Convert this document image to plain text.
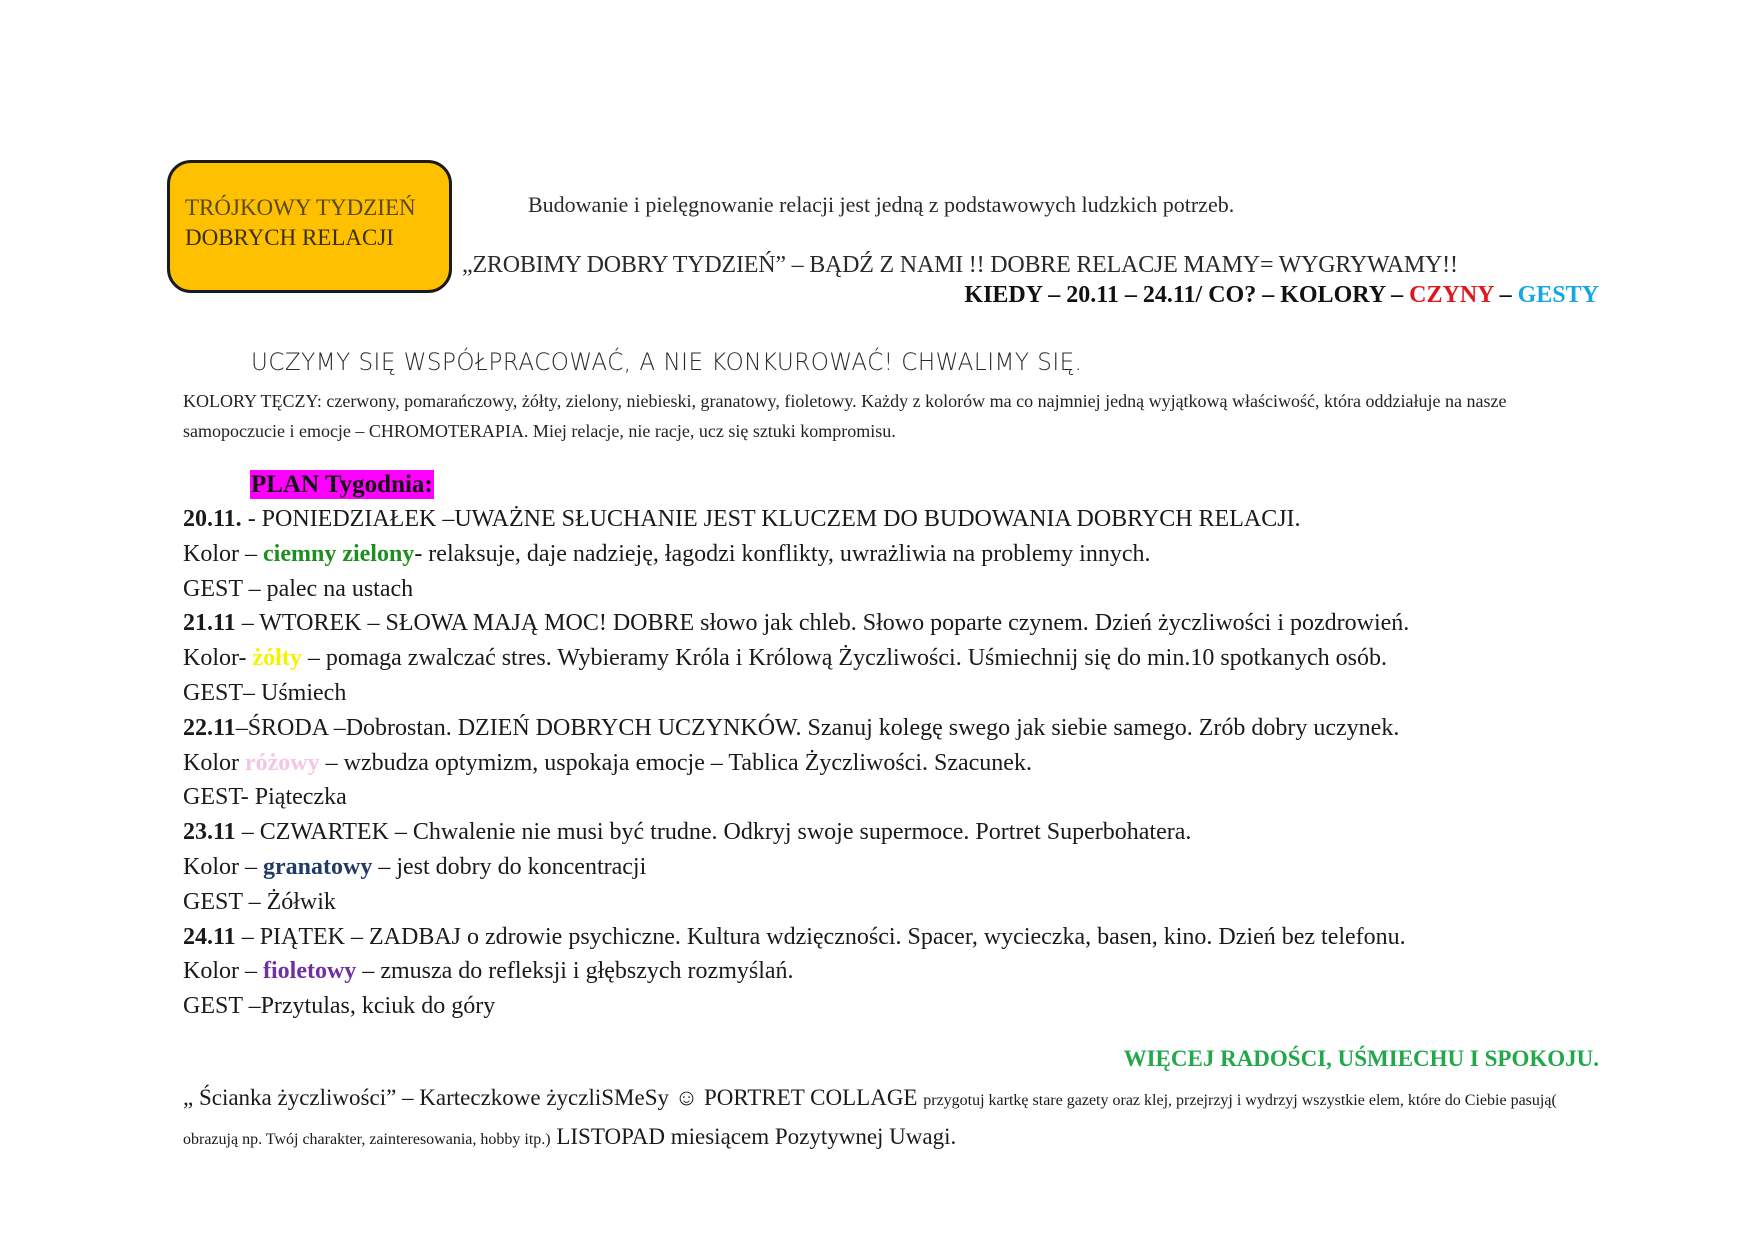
TRÓJKOWY TYDZIEŃ
DOBRYCH RELACJI
Budowanie i pielęgnowanie relacji jest jedną z podstawowych ludzkich potrzeb.
„ZROBIMY DOBRY TYDZIEŃ” – BĄDŹ Z NAMI !! DOBRE RELACJE MAMY= WYGRYWAMY!!
KIEDY – 20.11 – 24.11/ CO? – KOLORY – CZYNY – GESTY
UCZYMY SIĘ WSPÓŁPRACOWAĆ, A NIE KONKUROWAĆ! CHWALIMY SIĘ.
KOLORY TĘCZY: czerwony, pomarańczowy, żółty, zielony, niebieski, granatowy, fioletowy. Każdy z kolorów ma co najmniej jedną wyjątkową właściwość, która oddziałuje na nasze samopoczucie i emocje – CHROMOTERAPIA. Miej relacje, nie racje, ucz się sztuki kompromisu.
PLAN Tygodnia:
20.11. - PONIEDZIAŁEK –UWAŻNE SŁUCHANIE JEST KLUCZEM DO BUDOWANIA DOBRYCH RELACJI.
Kolor – ciemny zielony- relaksuje, daje nadzieję, łagodzi konflikty, uwrażliwia na problemy innych.
GEST – palec na ustach
21.11 – WTOREK – SŁOWA MAJĄ MOC! DOBRE słowo jak chleb. Słowo poparte czynem. Dzień życzliwości i pozdrowień.
Kolor- żółty – pomaga zwalczać stres. Wybieramy Króla i Królową Życzliwości. Uśmiechnij się do min.10 spotkanych osób.
GEST– Uśmiech
22.11–ŚRODA –Dobrostan. DZIEŃ DOBRYCH UCZYNKÓW. Szanuj kolegę swego jak siebie samego. Zrób dobry uczynek.
Kolor różowy – wzbudza optymizm, uspokaja emocje – Tablica Życzliwości. Szacunek.
GEST- Piąteczka
23.11 – CZWARTEK – Chwalenie nie musi być trudne. Odkryj swoje supermoce. Portret Superbohatera.
Kolor – granatowy – jest dobry do koncentracji
GEST – Żółwik
24.11 – PIĄTEK – ZADBAJ o zdrowie psychiczne. Kultura wdzięczności. Spacer, wycieczka, basen, kino. Dzień bez telefonu.
Kolor – fioletowy – zmusza do refleksji i głębszych rozmyślań.
GEST –Przytulas, kciuk do góry
WIĘCEJ RADOŚCI, UŚMIECHU I SPOKOJU.
„ Ścianka życzliwości” – Karteczkowe życzliSMeSy ☺ PORTRET COLLAGE przygotuj kartkę stare gazety oraz klej, przejrzyj i wydrzyj wszystkie elem, które do Ciebie pasują( obrazują np. Twój charakter, zainteresowania, hobby itp.) LISTOPAD miesiącem Pozytywnej Uwagi.
